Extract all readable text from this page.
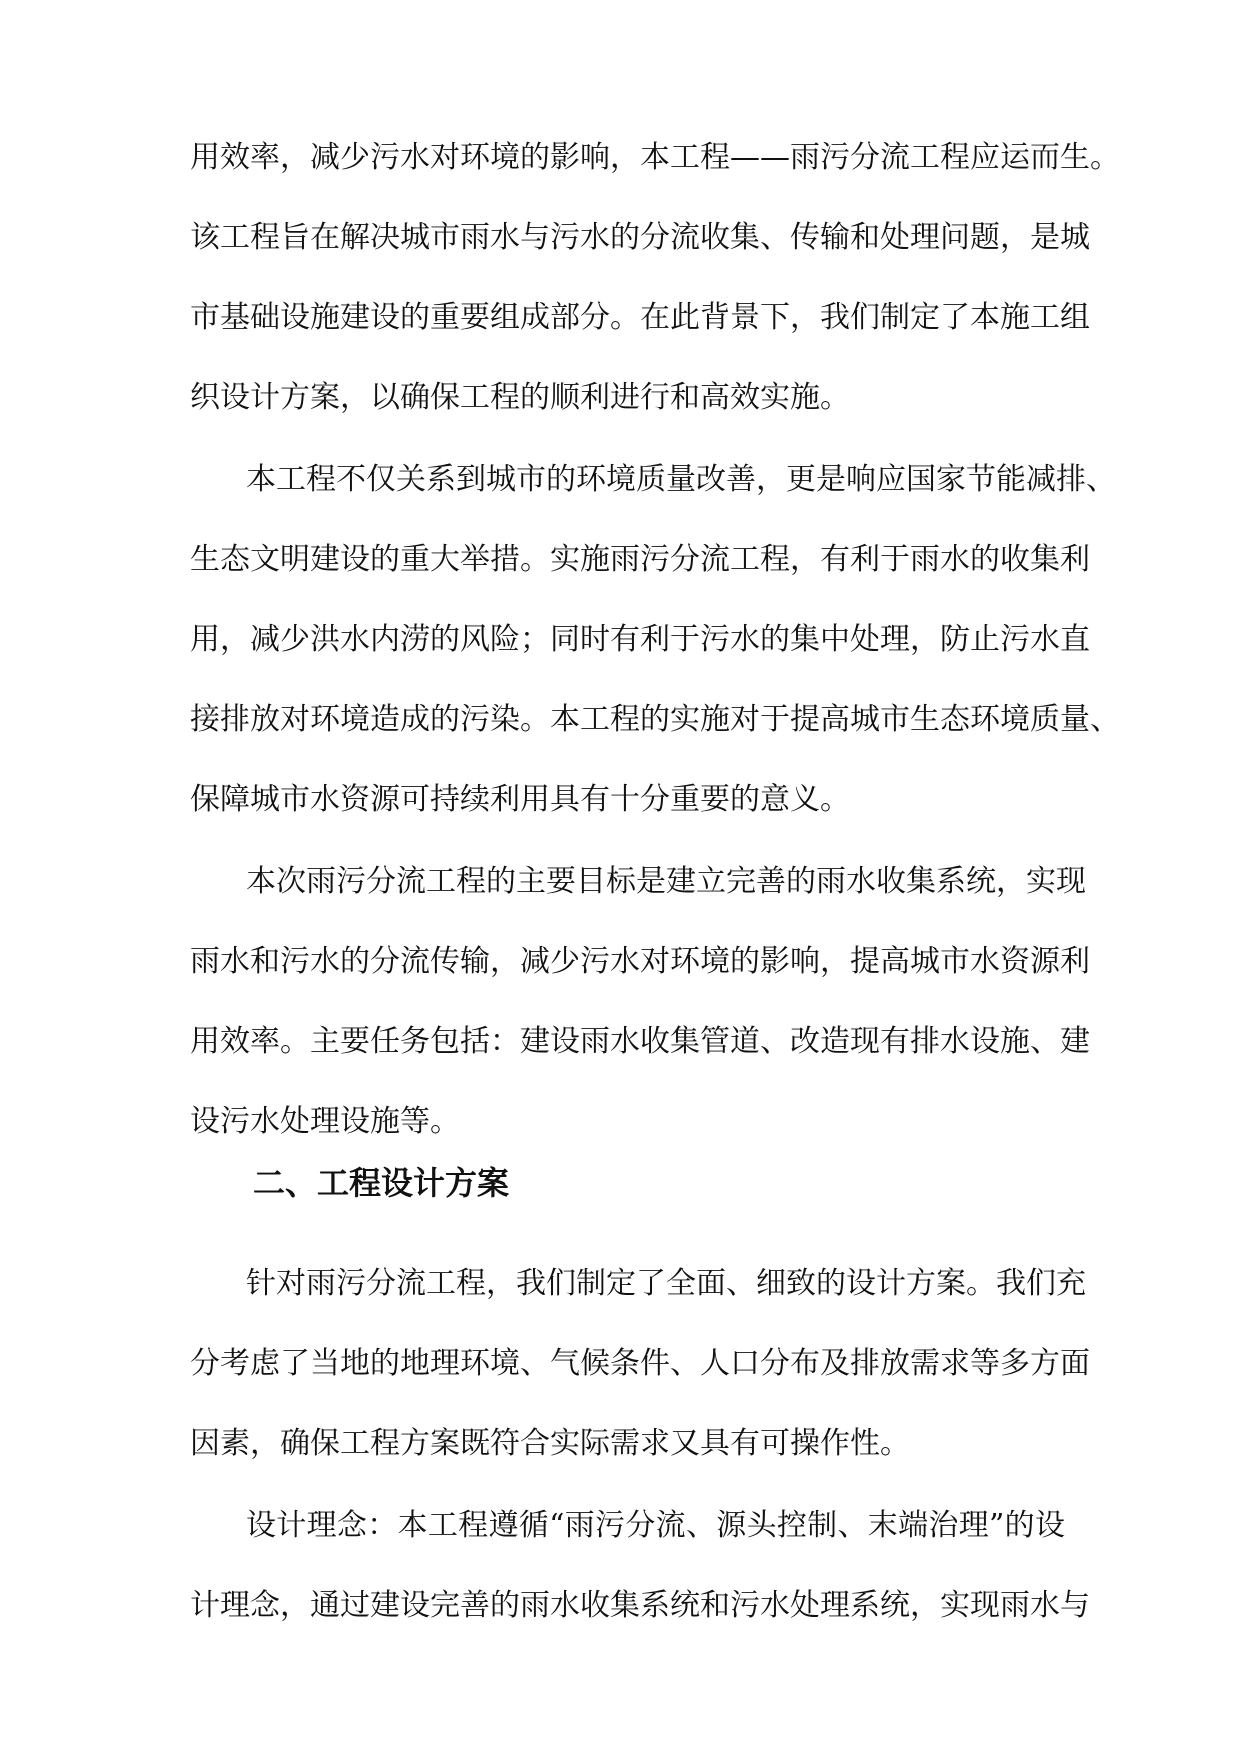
用效率，减少污水对环境的影响，本工程——雨污分流工程应运而生。
该工程旨在解决城市雨水与污水的分流收集、传输和处理问题，是城
市基础设施建设的重要组成部分。在此背景下，我们制定了本施工组
织设计方案，以确保工程的顺利进行和高效实施。
本工程不仅关系到城市的环境质量改善，更是响应国家节能减排、
生态文明建设的重大举措。实施雨污分流工程，有利于雨水的收集利
用，减少洪水内涝的风险；同时有利于污水的集中处理，防止污水直
接排放对环境造成的污染。本工程的实施对于提高城市生态环境质量、
保障城市水资源可持续利用具有十分重要的意义。
本次雨污分流工程的主要目标是建立完善的雨水收集系统，实现
雨水和污水的分流传输，减少污水对环境的影响，提高城市水资源利
用效率。主要任务包括：建设雨水收集管道、改造现有排水设施、建
设污水处理设施等。
二、工程设计方案
针对雨污分流工程，我们制定了全面、细致的设计方案。我们充
分考虑了当地的地理环境、气候条件、人口分布及排放需求等多方面
因素，确保工程方案既符合实际需求又具有可操作性。
设计理念：本工程遵循“雨污分流、源头控制、末端治理”的设
计理念，通过建设完善的雨水收集系统和污水处理系统，实现雨水与
